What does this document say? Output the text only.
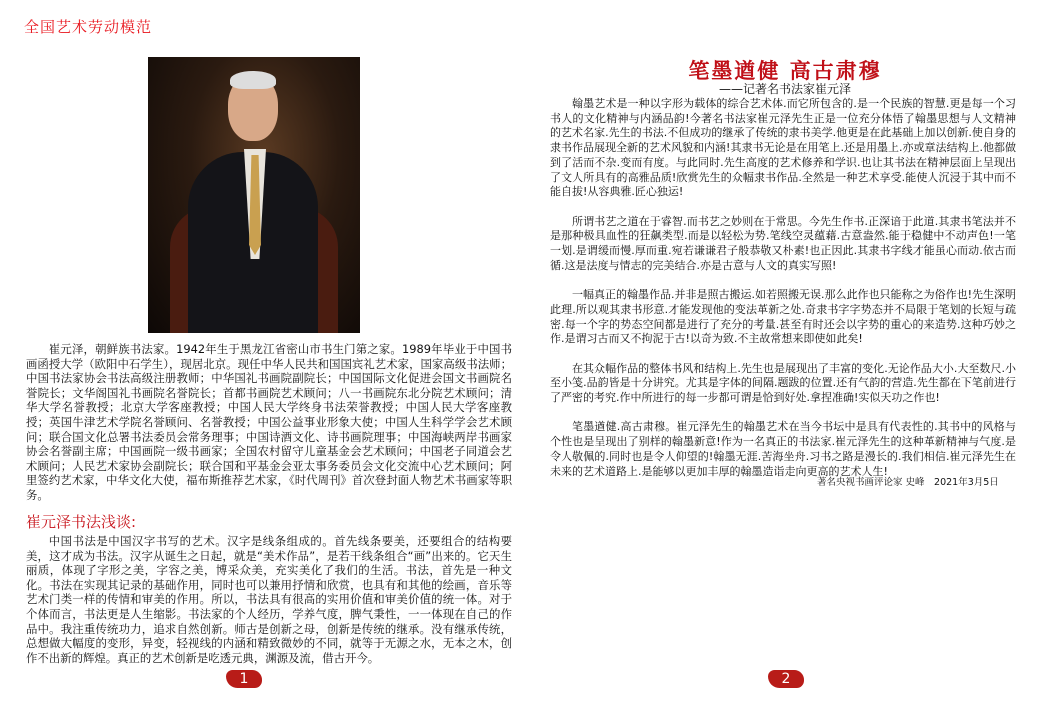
全国艺术劳动模范

崔元泽，朝鲜族书法家。1942年生于黑龙江省密山市书生门第之家。1989年毕业于中国书画函授大学（欧阳中石学生），现居北京。现任中华人民共和国国宾礼艺术家，国家高级书法师；中国书法家协会书法高级注册教师；中华国礼书画院副院长；中国国际文化促进会国文书画院名誉院长；文华阁国礼书画院名誉院长；首都书画院艺术顾问；八一书画院东北分院艺术顾问；清华大学名誉教授；北京大学客座教授；中国人民大学终身书法荣誉教授；中国人民大学客座教授；英国牛津艺术学院名誉顾问、名誉教授；中国公益事业形象大使；中国人生科学学会艺术顾问；联合国文化总署书法委员会常务理事；中国诗酒文化、诗书画院理事；中国海峡两岸书画家协会名誉副主席；中国画院一级书画家；全国农村留守儿童基金会艺术顾问；中国老子同道会艺术顾问；人民艺术家协会副院长；联合国和平基金会亚太事务委员会文化交流中心艺术顾问；阿里签约艺术家，中华文化大使，福布斯推荐艺术家，《时代周刊》首次登封面人物艺术书画家等职务。

崔元泽书法浅谈:

中国书法是中国汉字书写的艺术。汉字是线条组成的。首先线条要美，还要组合的结构要美，这才成为书法。汉字从诞生之日起，就是“美术作品”，是若干线条组合“画”出来的。它天生丽质，体现了字形之美，字容之美，博采众美，充实美化了我们的生活。书法，首先是一种文化。书法在实现其记录的基础作用，同时也可以兼用抒情和欣赏，也具有和其他的绘画，音乐等艺术门类一样的传情和审美的作用。所以，书法具有很高的实用价值和审美价值的统一体。对于个体而言，书法更是人生缩影。书法家的个人经历，学养气度，脾气秉性，一一体现在自己的作品中。我注重传统功力，追求自然创新。师古是创新之母，创新是传统的继承。没有继承传统，总想做大幅度的变形，异变，轻视线的内涵和精致微妙的不同，就等于无源之水，无本之木，创作不出新的辉煌。真正的艺术创新是吃透元典，渊源及流，借古开今。

1
笔墨遒健 高古肃穆
——记著名书法家崔元泽

翰墨艺术是一种以字形为载体的综合艺术体.而它所包含的.是一个民族的智慧.更是每一个习书人的文化精神与内涵品韵!今著名书法家崔元泽先生正是一位充分体悟了翰墨思想与人文精神的艺术名家.先生的书法.不但成功的继承了传统的隶书美学.他更是在此基础上加以创新.使自身的隶书作品展现全新的艺术风貌和内涵!其隶书无论是在用笔上.还是用墨上.亦或章法结构上.他都做到了活而不杂.变而有度。与此同时.先生高度的艺术修养和学识.也让其书法在精神层面上呈现出了文人所具有的高雅品质!欣赏先生的众幅隶书作品.全然是一种艺术享受.能使人沉浸于其中而不能自拔!从容典雅.匠心独运!

所谓书艺之道在于睿智.而书艺之妙则在于常思。今先生作书.正深谙于此道.其隶书笔法并不是那种极具血性的狂飙类型.而是以轻松为势.笔线空灵蕴藉.古意盎然.能于稳健中不动声色!一笔一划.是谓缓而慢.厚而重.宛若谦谦君子般恭敬又朴素!也正因此.其隶书字线才能虽心而动.依古而循.这是法度与情志的完美结合.亦是古意与人文的真实写照!

一幅真正的翰墨作品.并非是照古搬运.如若照搬无误.那么此作也只能称之为俗作也!先生深明此理.所以观其隶书形意.才能发现他的变法革新之处.奇隶书字字势态并不局限于笔划的长短与疏密.每一个字的势态空间都是进行了充分的考量.甚至有时还会以字势的重心的来造势.这种巧妙之作.是谓习古而又不拘泥于古!以奇为致.不主故常想来即使如此矣!

在其众幅作品的整体书风和结构上.先生也是展现出了丰富的变化.无论作品大小.大至数尺.小至小笺.品韵皆是十分讲究。尤其是字体的间隔.题跋的位置.还有气韵的营造.先生都在下笔前进行了严密的考究.作中所进行的每一步都可谓是恰到好处.拿捏准确!实似天功之作也!

笔墨遒健.高古肃穆。崔元泽先生的翰墨艺术在当今书坛中是具有代表性的.其书中的风格与个性也是呈现出了别样的翰墨新意!作为一名真正的书法家.崔元泽先生的这种革新精神与气度.是令人敬佩的.同时也是令人仰望的!翰墨无涯.苦海坐舟.习书之路是漫长的.我们相信.崔元泽先生在未来的艺术道路上.是能够以更加丰厚的翰墨造诣走向更高的艺术人生!

著名央视书画评论家 史峰　2021年3月5日
2
